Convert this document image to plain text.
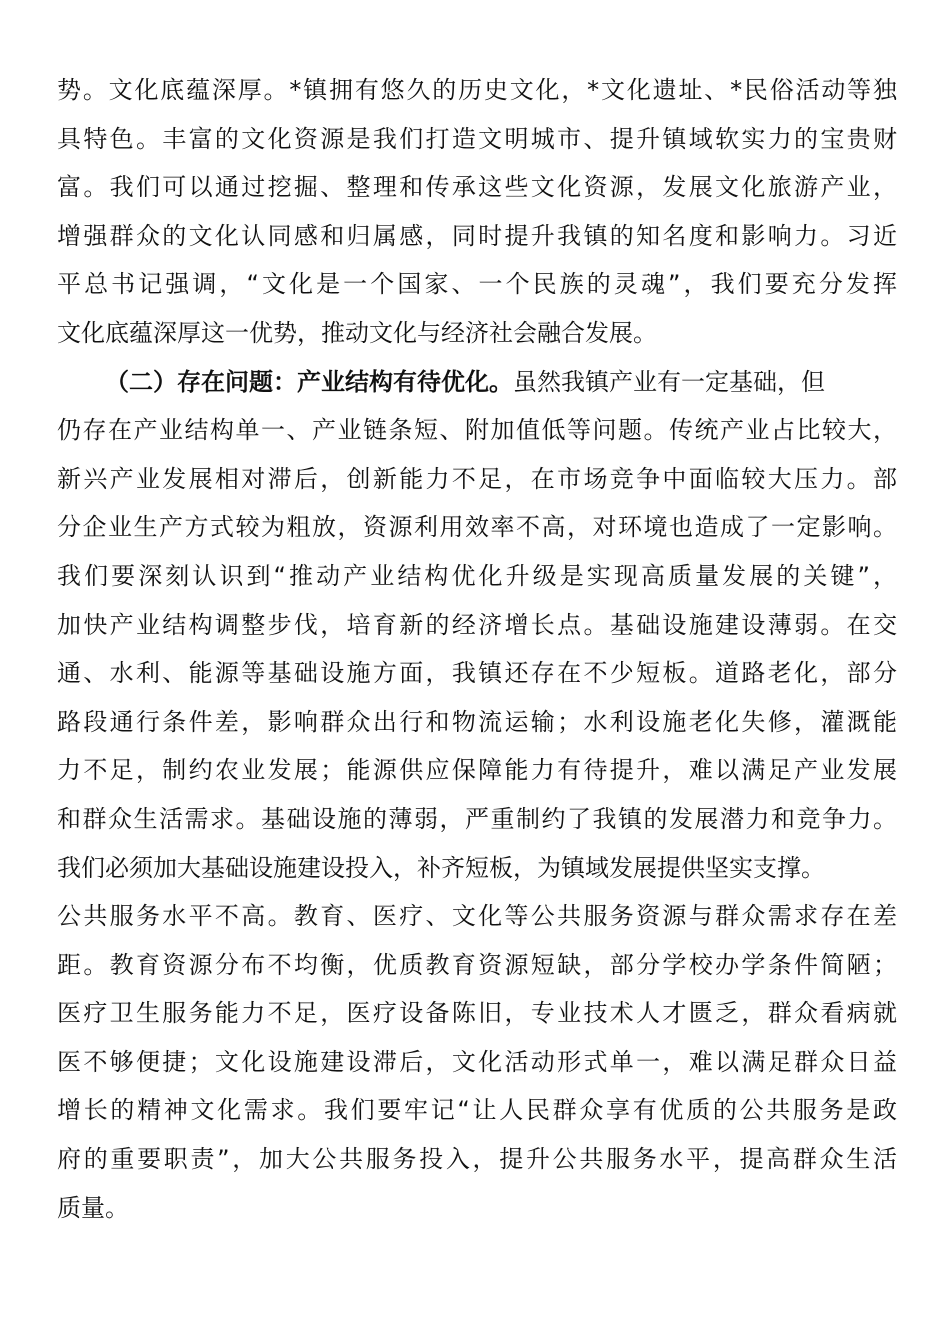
势。文化底蕴深厚。*镇拥有悠久的历史文化，*文化遗址、*民俗活动等独
具特色。丰富的文化资源是我们打造文明城市、提升镇域软实力的宝贵财
富。我们可以通过挖掘、整理和传承这些文化资源，发展文化旅游产业，
增强群众的文化认同感和归属感，同时提升我镇的知名度和影响力。习近
平总书记强调，“文化是一个国家、一个民族的灵魂”，我们要充分发挥
文化底蕴深厚这一优势，推动文化与经济社会融合发展。
（二）存在问题：产业结构有待优化。虽然我镇产业有一定基础，但
仍存在产业结构单一、产业链条短、附加值低等问题。传统产业占比较大，
新兴产业发展相对滞后，创新能力不足，在市场竞争中面临较大压力。部
分企业生产方式较为粗放，资源利用效率不高，对环境也造成了一定影响。
我们要深刻认识到“推动产业结构优化升级是实现高质量发展的关键”，
加快产业结构调整步伐，培育新的经济增长点。基础设施建设薄弱。在交
通、水利、能源等基础设施方面，我镇还存在不少短板。道路老化，部分
路段通行条件差，影响群众出行和物流运输；水利设施老化失修，灌溉能
力不足，制约农业发展；能源供应保障能力有待提升，难以满足产业发展
和群众生活需求。基础设施的薄弱，严重制约了我镇的发展潜力和竞争力。
我们必须加大基础设施建设投入，补齐短板，为镇域发展提供坚实支撑。
公共服务水平不高。教育、医疗、文化等公共服务资源与群众需求存在差
距。教育资源分布不均衡，优质教育资源短缺，部分学校办学条件简陋；
医疗卫生服务能力不足，医疗设备陈旧，专业技术人才匮乏，群众看病就
医不够便捷；文化设施建设滞后，文化活动形式单一，难以满足群众日益
增长的精神文化需求。我们要牢记“让人民群众享有优质的公共服务是政
府的重要职责”，加大公共服务投入，提升公共服务水平，提高群众生活
质量。
